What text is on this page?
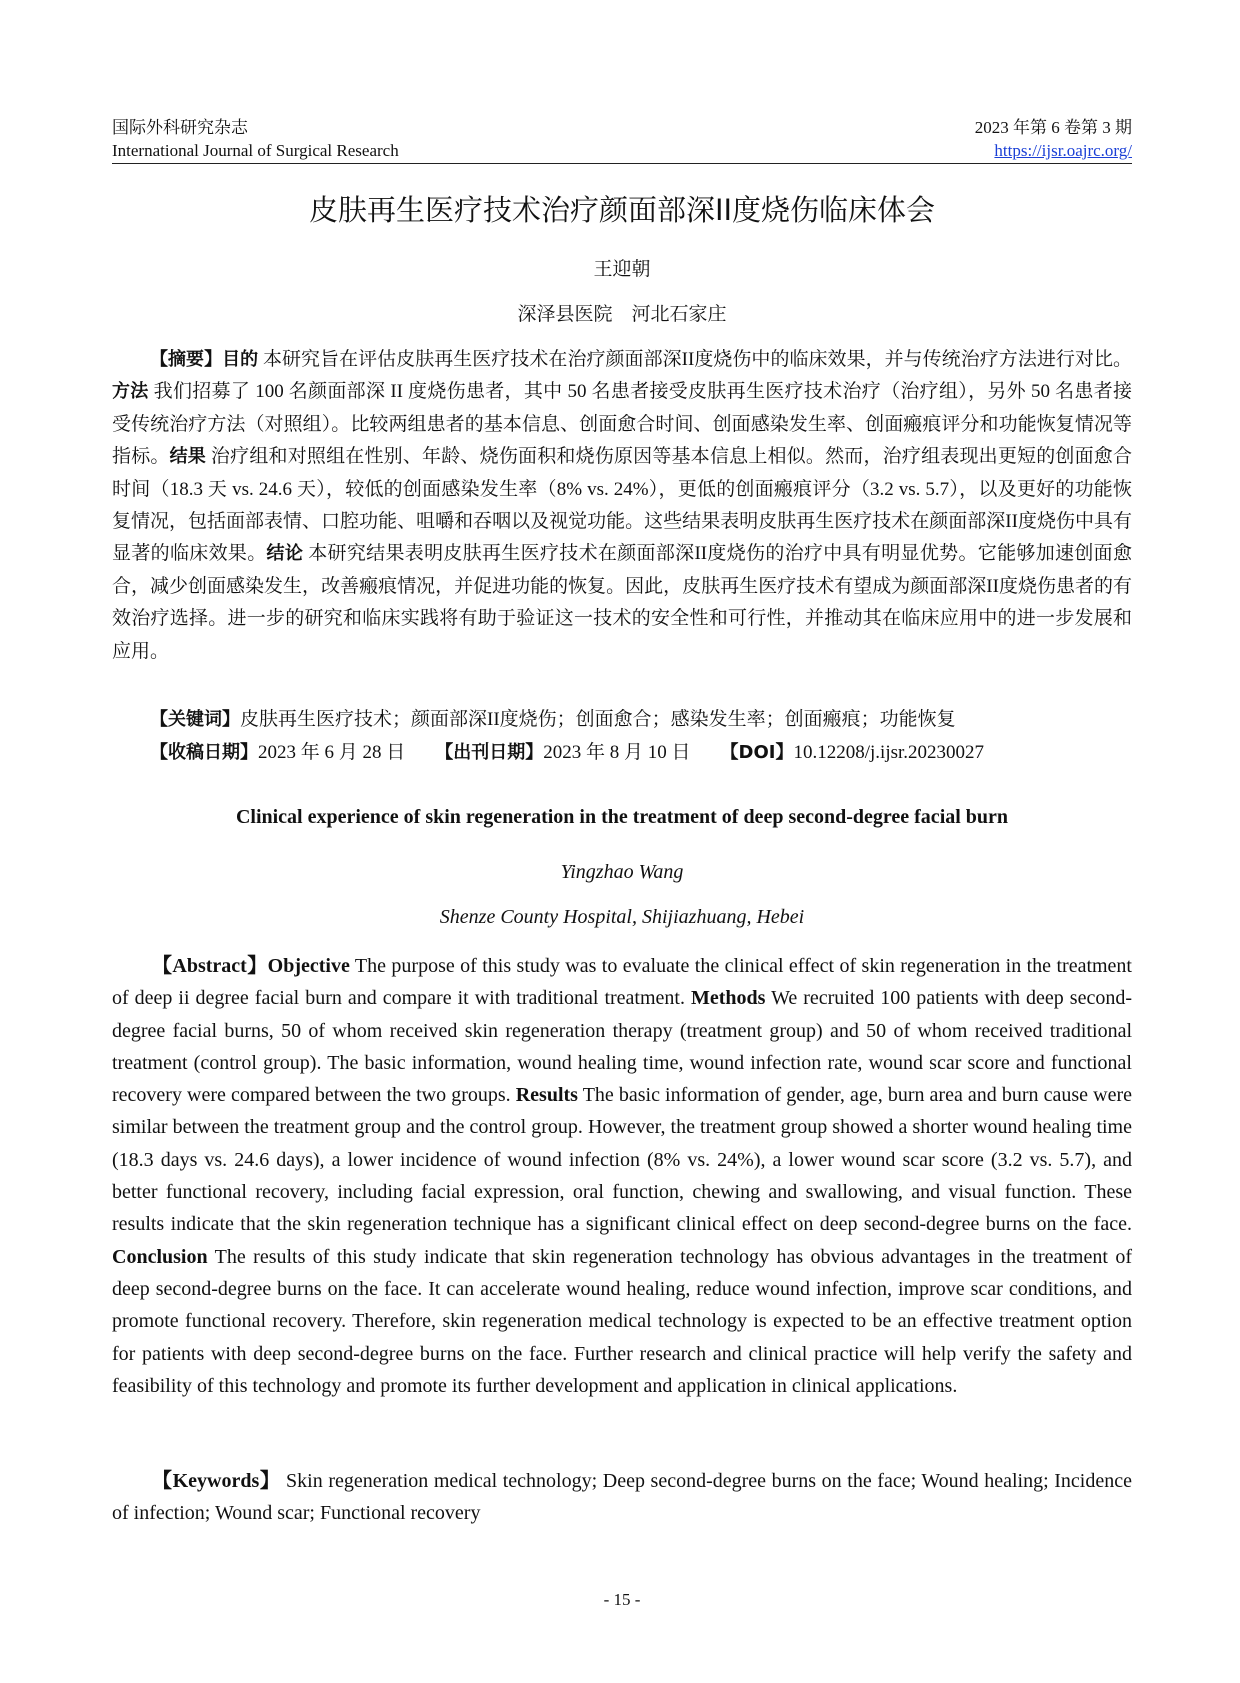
国际外科研究杂志
International Journal of Surgical Research
2023 年第 6 卷第 3 期
https://ijsr.oajrc.org/
皮肤再生医疗技术治疗颜面部深II度烧伤临床体会
王迎朝
深泽县医院　河北石家庄
【摘要】目的 本研究旨在评估皮肤再生医疗技术在治疗颜面部深II度烧伤中的临床效果，并与传统治疗方法进行对比。方法 我们招募了 100 名颜面部深 II 度烧伤患者，其中 50 名患者接受皮肤再生医疗技术治疗（治疗组），另外 50 名患者接受传统治疗方法（对照组）。比较两组患者的基本信息、创面愈合时间、创面感染发生率、创面瘢痕评分和功能恢复情况等指标。结果 治疗组和对照组在性别、年龄、烧伤面积和烧伤原因等基本信息上相似。然而，治疗组表现出更短的创面愈合时间（18.3 天 vs. 24.6 天），较低的创面感染发生率（8% vs. 24%），更低的创面瘢痕评分（3.2 vs. 5.7），以及更好的功能恢复情况，包括面部表情、口腔功能、咀嚼和吞咽以及视觉功能。这些结果表明皮肤再生医疗技术在颜面部深II度烧伤中具有显著的临床效果。结论 本研究结果表明皮肤再生医疗技术在颜面部深II度烧伤的治疗中具有明显优势。它能够加速创面愈合，减少创面感染发生，改善瘢痕情况，并促进功能的恢复。因此，皮肤再生医疗技术有望成为颜面部深II度烧伤患者的有效治疗选择。进一步的研究和临床实践将有助于验证这一技术的安全性和可行性，并推动其在临床应用中的进一步发展和应用。
【关键词】皮肤再生医疗技术；颜面部深II度烧伤；创面愈合；感染发生率；创面瘢痕；功能恢复
【收稿日期】2023 年 6 月 28 日 【出刊日期】2023 年 8 月 10 日 【DOI】10.12208/j.ijsr.20230027
Clinical experience of skin regeneration in the treatment of deep second-degree facial burn
Yingzhao Wang
Shenze County Hospital, Shijiazhuang, Hebei
【Abstract】Objective The purpose of this study was to evaluate the clinical effect of skin regeneration in the treatment of deep ii degree facial burn and compare it with traditional treatment. Methods We recruited 100 patients with deep second-degree facial burns, 50 of whom received skin regeneration therapy (treatment group) and 50 of whom received traditional treatment (control group). The basic information, wound healing time, wound infection rate, wound scar score and functional recovery were compared between the two groups. Results The basic information of gender, age, burn area and burn cause were similar between the treatment group and the control group. However, the treatment group showed a shorter wound healing time (18.3 days vs. 24.6 days), a lower incidence of wound infection (8% vs. 24%), a lower wound scar score (3.2 vs. 5.7), and better functional recovery, including facial expression, oral function, chewing and swallowing, and visual function. These results indicate that the skin regeneration technique has a significant clinical effect on deep second-degree burns on the face. Conclusion The results of this study indicate that skin regeneration technology has obvious advantages in the treatment of deep second-degree burns on the face. It can accelerate wound healing, reduce wound infection, improve scar conditions, and promote functional recovery. Therefore, skin regeneration medical technology is expected to be an effective treatment option for patients with deep second-degree burns on the face. Further research and clinical practice will help verify the safety and feasibility of this technology and promote its further development and application in clinical applications.
【Keywords】 Skin regeneration medical technology; Deep second-degree burns on the face; Wound healing; Incidence of infection; Wound scar; Functional recovery
- 15 -
